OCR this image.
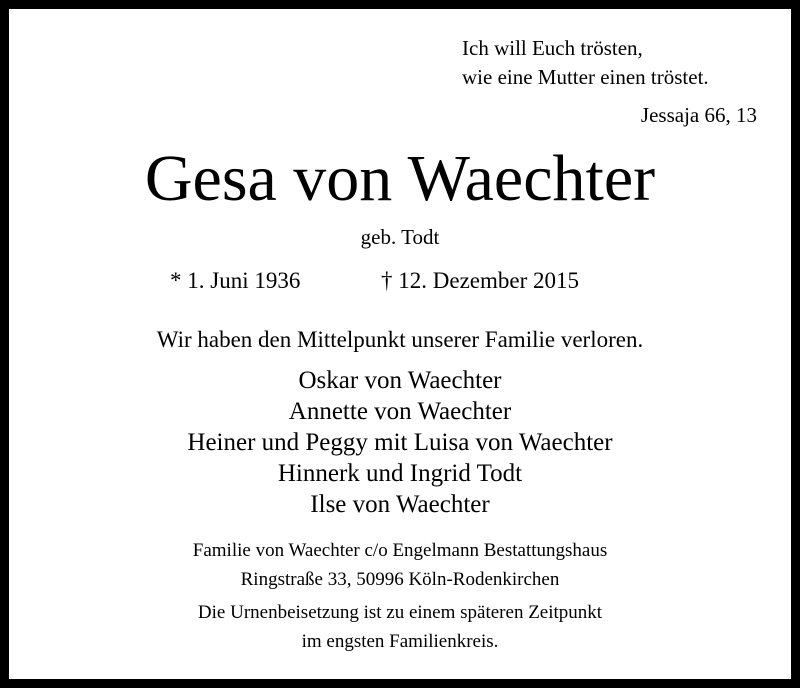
Ich will Euch trösten,
wie eine Mutter einen tröstet.
Jessaja 66, 13
Gesa von Waechter
geb. Todt
* 1. Juni 1936	† 12. Dezember 2015
Wir haben den Mittelpunkt unserer Familie verloren.
Oskar von Waechter
Annette von Waechter
Heiner und Peggy mit Luisa von Waechter
Hinnerk und Ingrid Todt
Ilse von Waechter
Familie von Waechter c/o Engelmann Bestattungshaus
Ringstraße 33, 50996 Köln-Rodenkirchen
Die Urnenbeisetzung ist zu einem späteren Zeitpunkt
im engsten Familienkreis.
